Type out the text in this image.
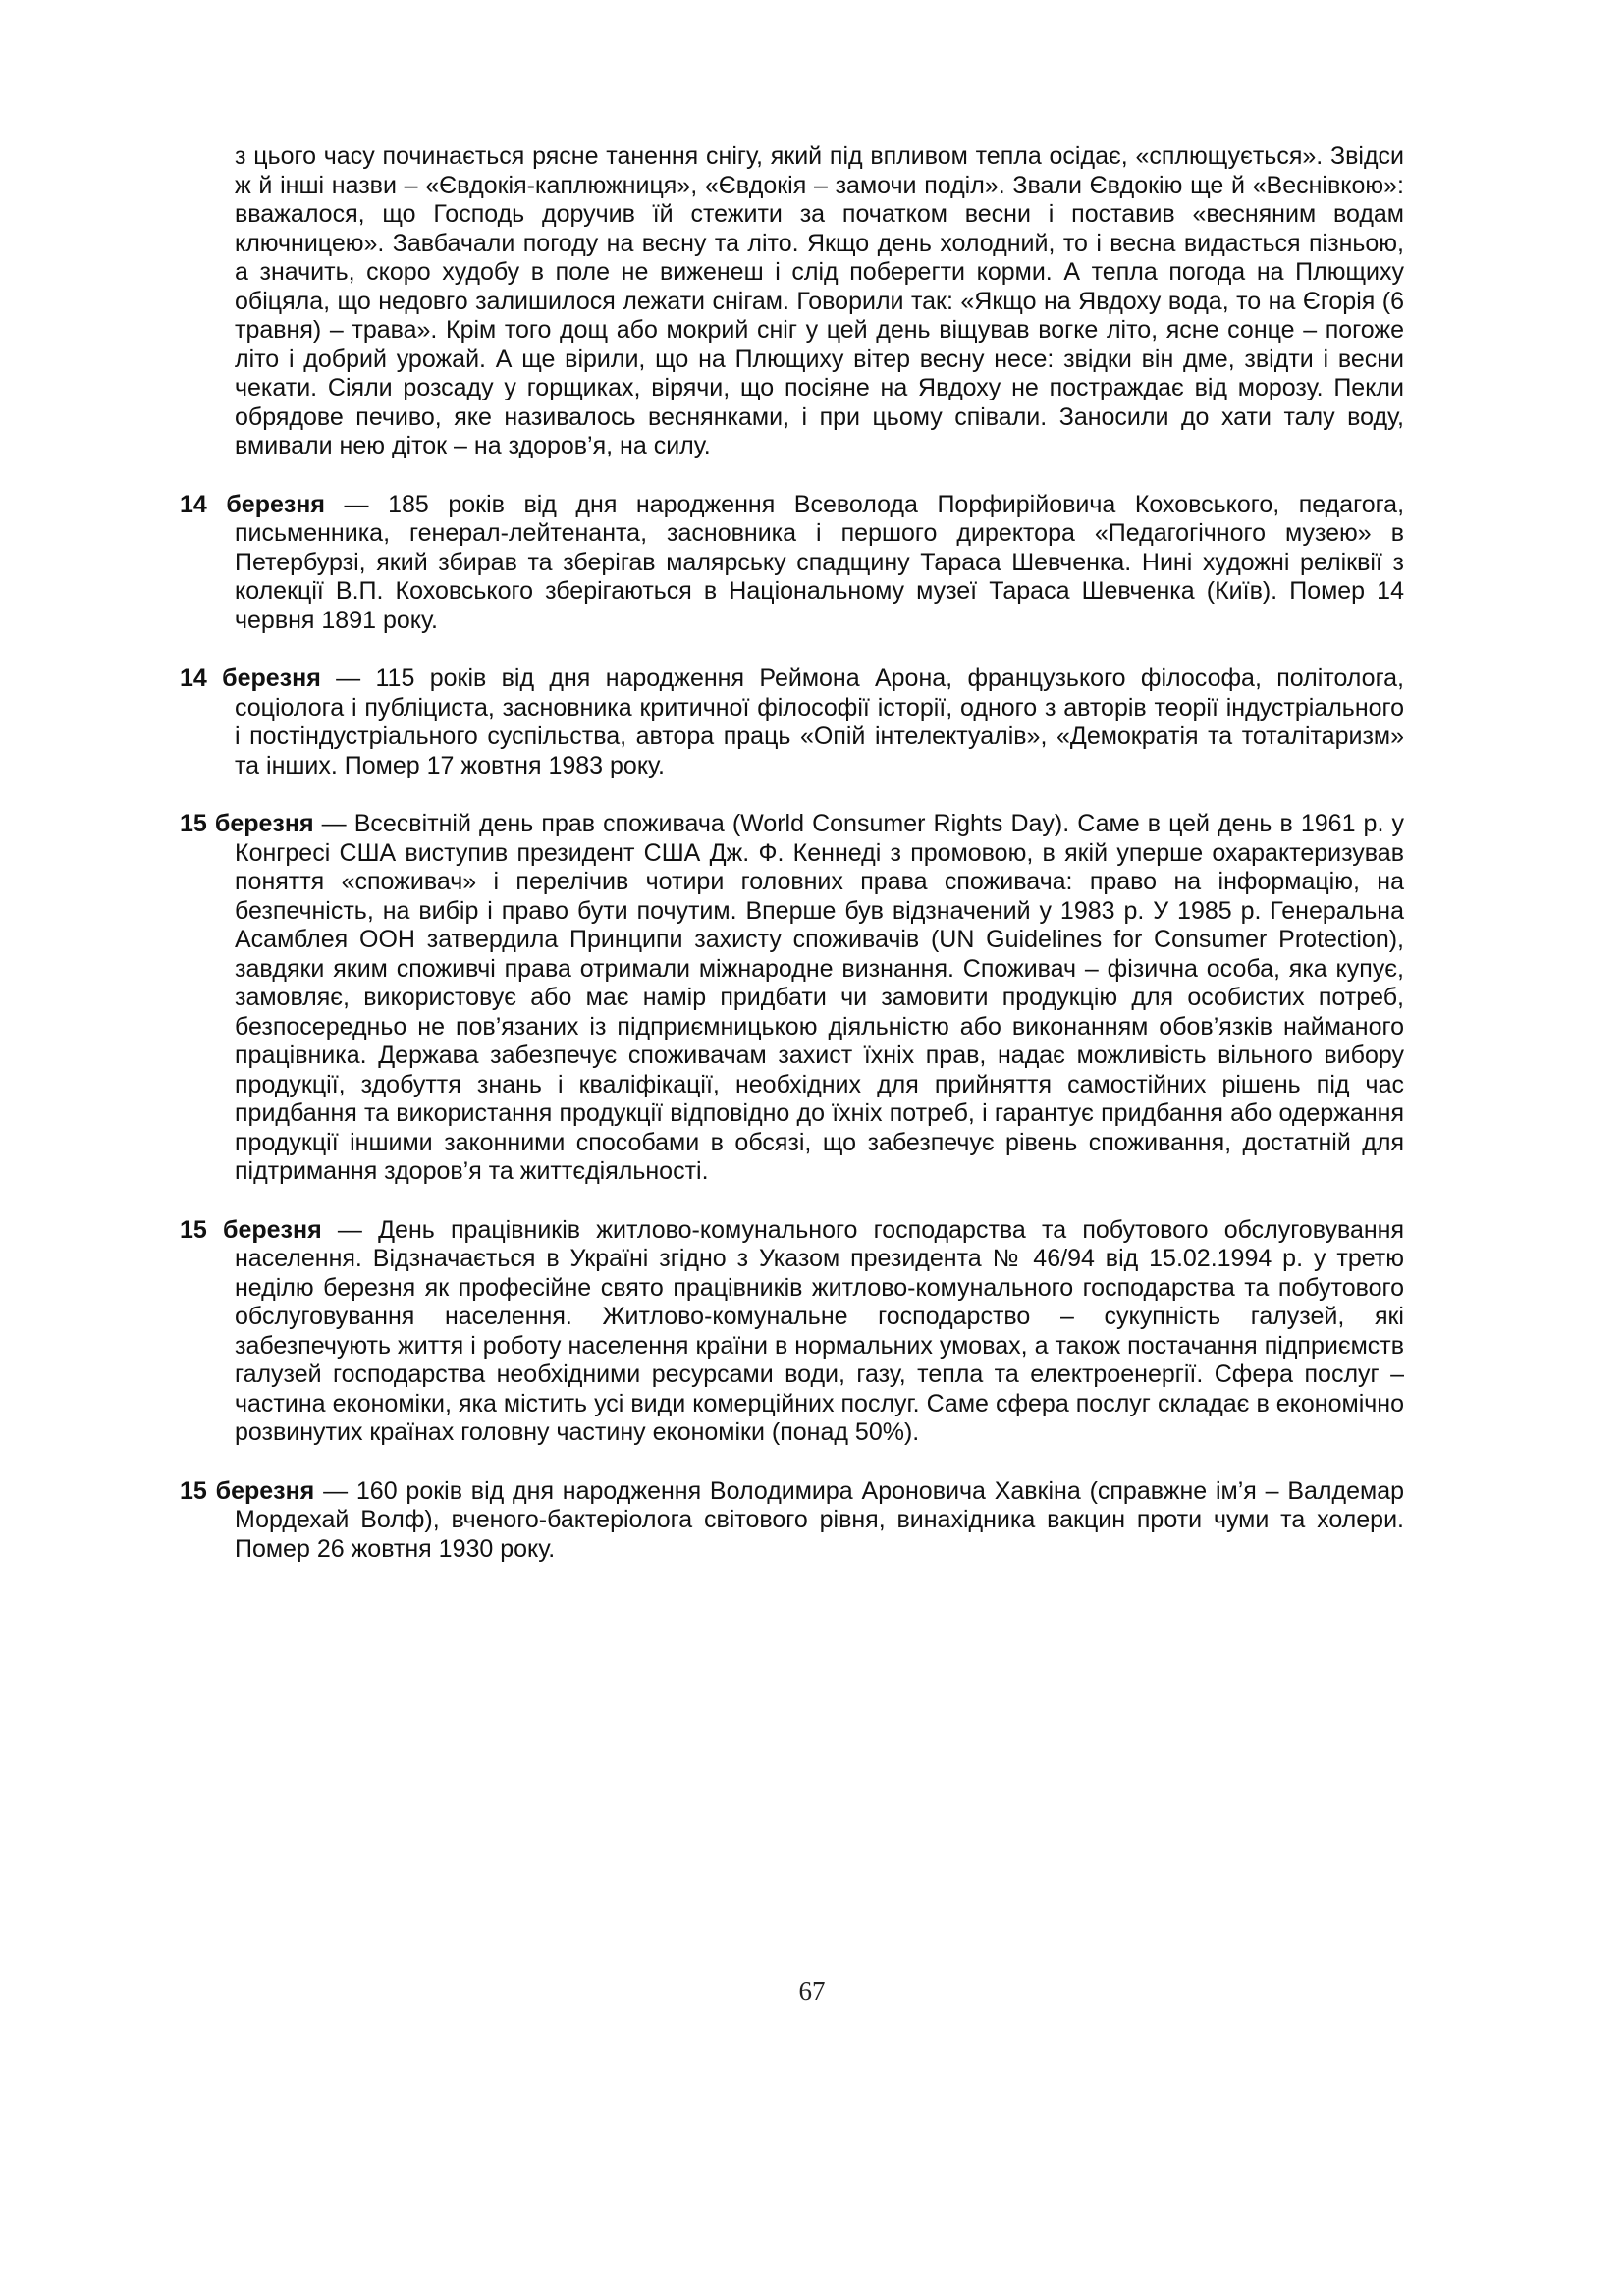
з цього часу починається рясне танення снігу, який під впливом тепла осідає, «сплющується». Звідси ж й інші назви – «Євдокія-каплюжниця», «Євдокія – замочи поділ». Звали Євдокію ще й «Веснівкою»: вважалося, що Господь доручив їй стежити за початком весни і поставив «весняним водам ключницею». Завбачали погоду на весну та літо. Якщо день холодний, то і весна видасться пізньою, а значить, скоро худобу в поле не виженеш і слід поберегти корми. А тепла погода на Плющиху обіцяла, що недовго залишилося лежати снігам. Говорили так: «Якщо на Явдоху вода, то на Єгорія (6 травня) – трава». Крім того дощ або мокрий сніг у цей день віщував вогке літо, ясне сонце – погоже літо і добрий урожай. А ще вірили, що на Плющиху вітер весну несе: звідки він дме, звідти і весни чекати. Сіяли розсаду у горщиках, вірячи, що посіяне на Явдоху не постраждає від морозу. Пекли обрядове печиво, яке називалось веснянками, і при цьому співали. Заносили до хати талу воду, вмивали нею діток – на здоров’я, на силу.

14 березня — 185 років від дня народження Всеволода Порфирійовича Коховського, педагога, письменника, генерал-лейтенанта, засновника і першого директора «Педагогічного музею» в Петербурзі, який збирав та зберігав малярську спадщину Тараса Шевченка. Нині художні реліквії з колекції В.П. Коховського зберігаються в Національному музеї Тараса Шевченка (Київ). Помер 14 червня 1891 року.

14 березня — 115 років від дня народження Реймона Арона, французького філософа, політолога, соціолога і публіциста, засновника критичної філософії історії, одного з авторів теорії індустріального і постіндустріального суспільства, автора праць «Опій інтелектуалів», «Демократія та тоталітаризм» та інших. Помер 17 жовтня 1983 року.

15 березня — Всесвітній день прав споживача (World Consumer Rights Day). Саме в цей день в 1961 р. у Конгресі США виступив президент США Дж. Ф. Кеннеді з промовою, в якій уперше охарактеризував поняття «споживач» і перелічив чотири головних права споживача: право на інформацію, на безпечність, на вибір і право бути почутим. Вперше був відзначений у 1983 р. У 1985 р. Генеральна Асамблея ООН затвердила Принципи захисту споживачів (UN Guidelines for Consumer Protection), завдяки яким споживчі права отримали міжнародне визнання. Споживач – фізична особа, яка купує, замовляє, використовує або має намір придбати чи замовити продукцію для особистих потреб, безпосередньо не пов’язаних із підприємницькою діяльністю або виконанням обов’язків найманого працівника. Держава забезпечує споживачам захист їхніх прав, надає можливість вільного вибору продукції, здобуття знань і кваліфікації, необхідних для прийняття самостійних рішень під час придбання та використання продукції відповідно до їхніх потреб, і гарантує придбання або одержання продукції іншими законними способами в обсязі, що забезпечує рівень споживання, достатній для підтримання здоров’я та життєдіяльності.

15 березня — День працівників житлово-комунального господарства та побутового обслуговування населення. Відзначається в Україні згідно з Указом президента № 46/94 від 15.02.1994 р. у третю неділю березня як професійне свято працівників житлово-комунального господарства та побутового обслуговування населення. Житлово-комунальне господарство – сукупність галузей, які забезпечують життя і роботу населення країни в нормальних умовах, а також постачання підприємств галузей господарства необхідними ресурсами води, газу, тепла та електроенергії. Сфера послуг – частина економіки, яка містить усі види комерційних послуг. Саме сфера послуг складає в економічно розвинутих країнах головну частину економіки (понад 50%).

15 березня — 160 років від дня народження Володимира Ароновича Хавкіна (справжне ім’я – Валдемар Мордехай Волф), вченого-бактеріолога світового рівня, винахідника вакцин проти чуми та холери. Помер 26 жовтня 1930 року.

67
